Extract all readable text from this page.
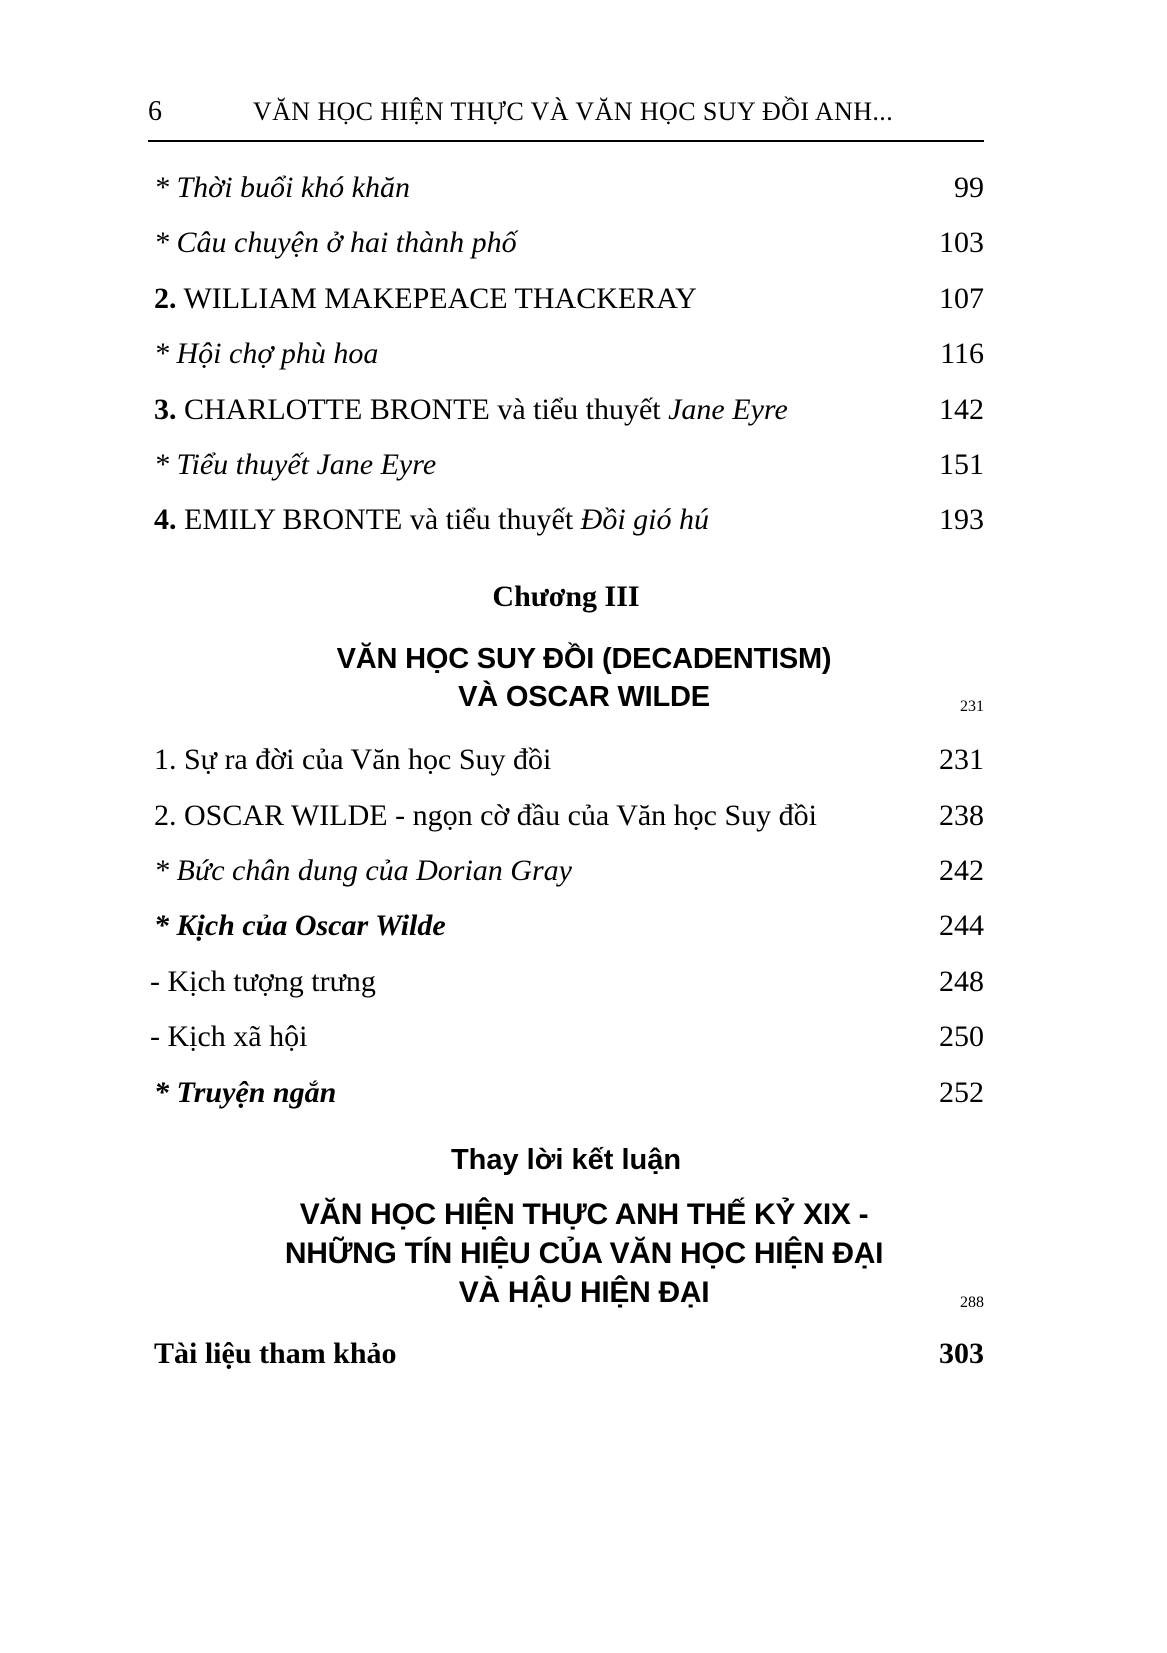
6	VĂN HỌC HIỆN THỰC VÀ VĂN HỌC SUY ĐỒI ANH...
* Thời buổi khó khăn	99
* Câu chuyện ở hai thành phố	103
2. WILLIAM MAKEPEACE THACKERAY	107
* Hội chợ phù hoa	116
3. CHARLOTTE BRONTE và tiểu thuyết Jane Eyre	142
* Tiểu thuyết Jane Eyre	151
4. EMILY BRONTE và tiểu thuyết Đồi gió hú	193
Chương III
VĂN HỌC SUY ĐỒI (DECADENTISM)
VÀ OSCAR WILDE	231
1. Sự ra đời của Văn học Suy đồi	231
2. OSCAR WILDE - ngọn cờ đầu của Văn học Suy đồi	238
* Bức chân dung của Dorian Gray	242
* Kịch của Oscar Wilde	244
- Kịch tượng trưng	248
- Kịch xã hội	250
* Truyện ngắn	252
Thay lời kết luận
VĂN HỌC HIỆN THỰC ANH THẾ KỶ XIX -
NHỮNG TÍN HIỆU CỦA VĂN HỌC HIỆN ĐẠI
VÀ HẬU HIỆN ĐẠI	288
Tài liệu tham khảo	303
